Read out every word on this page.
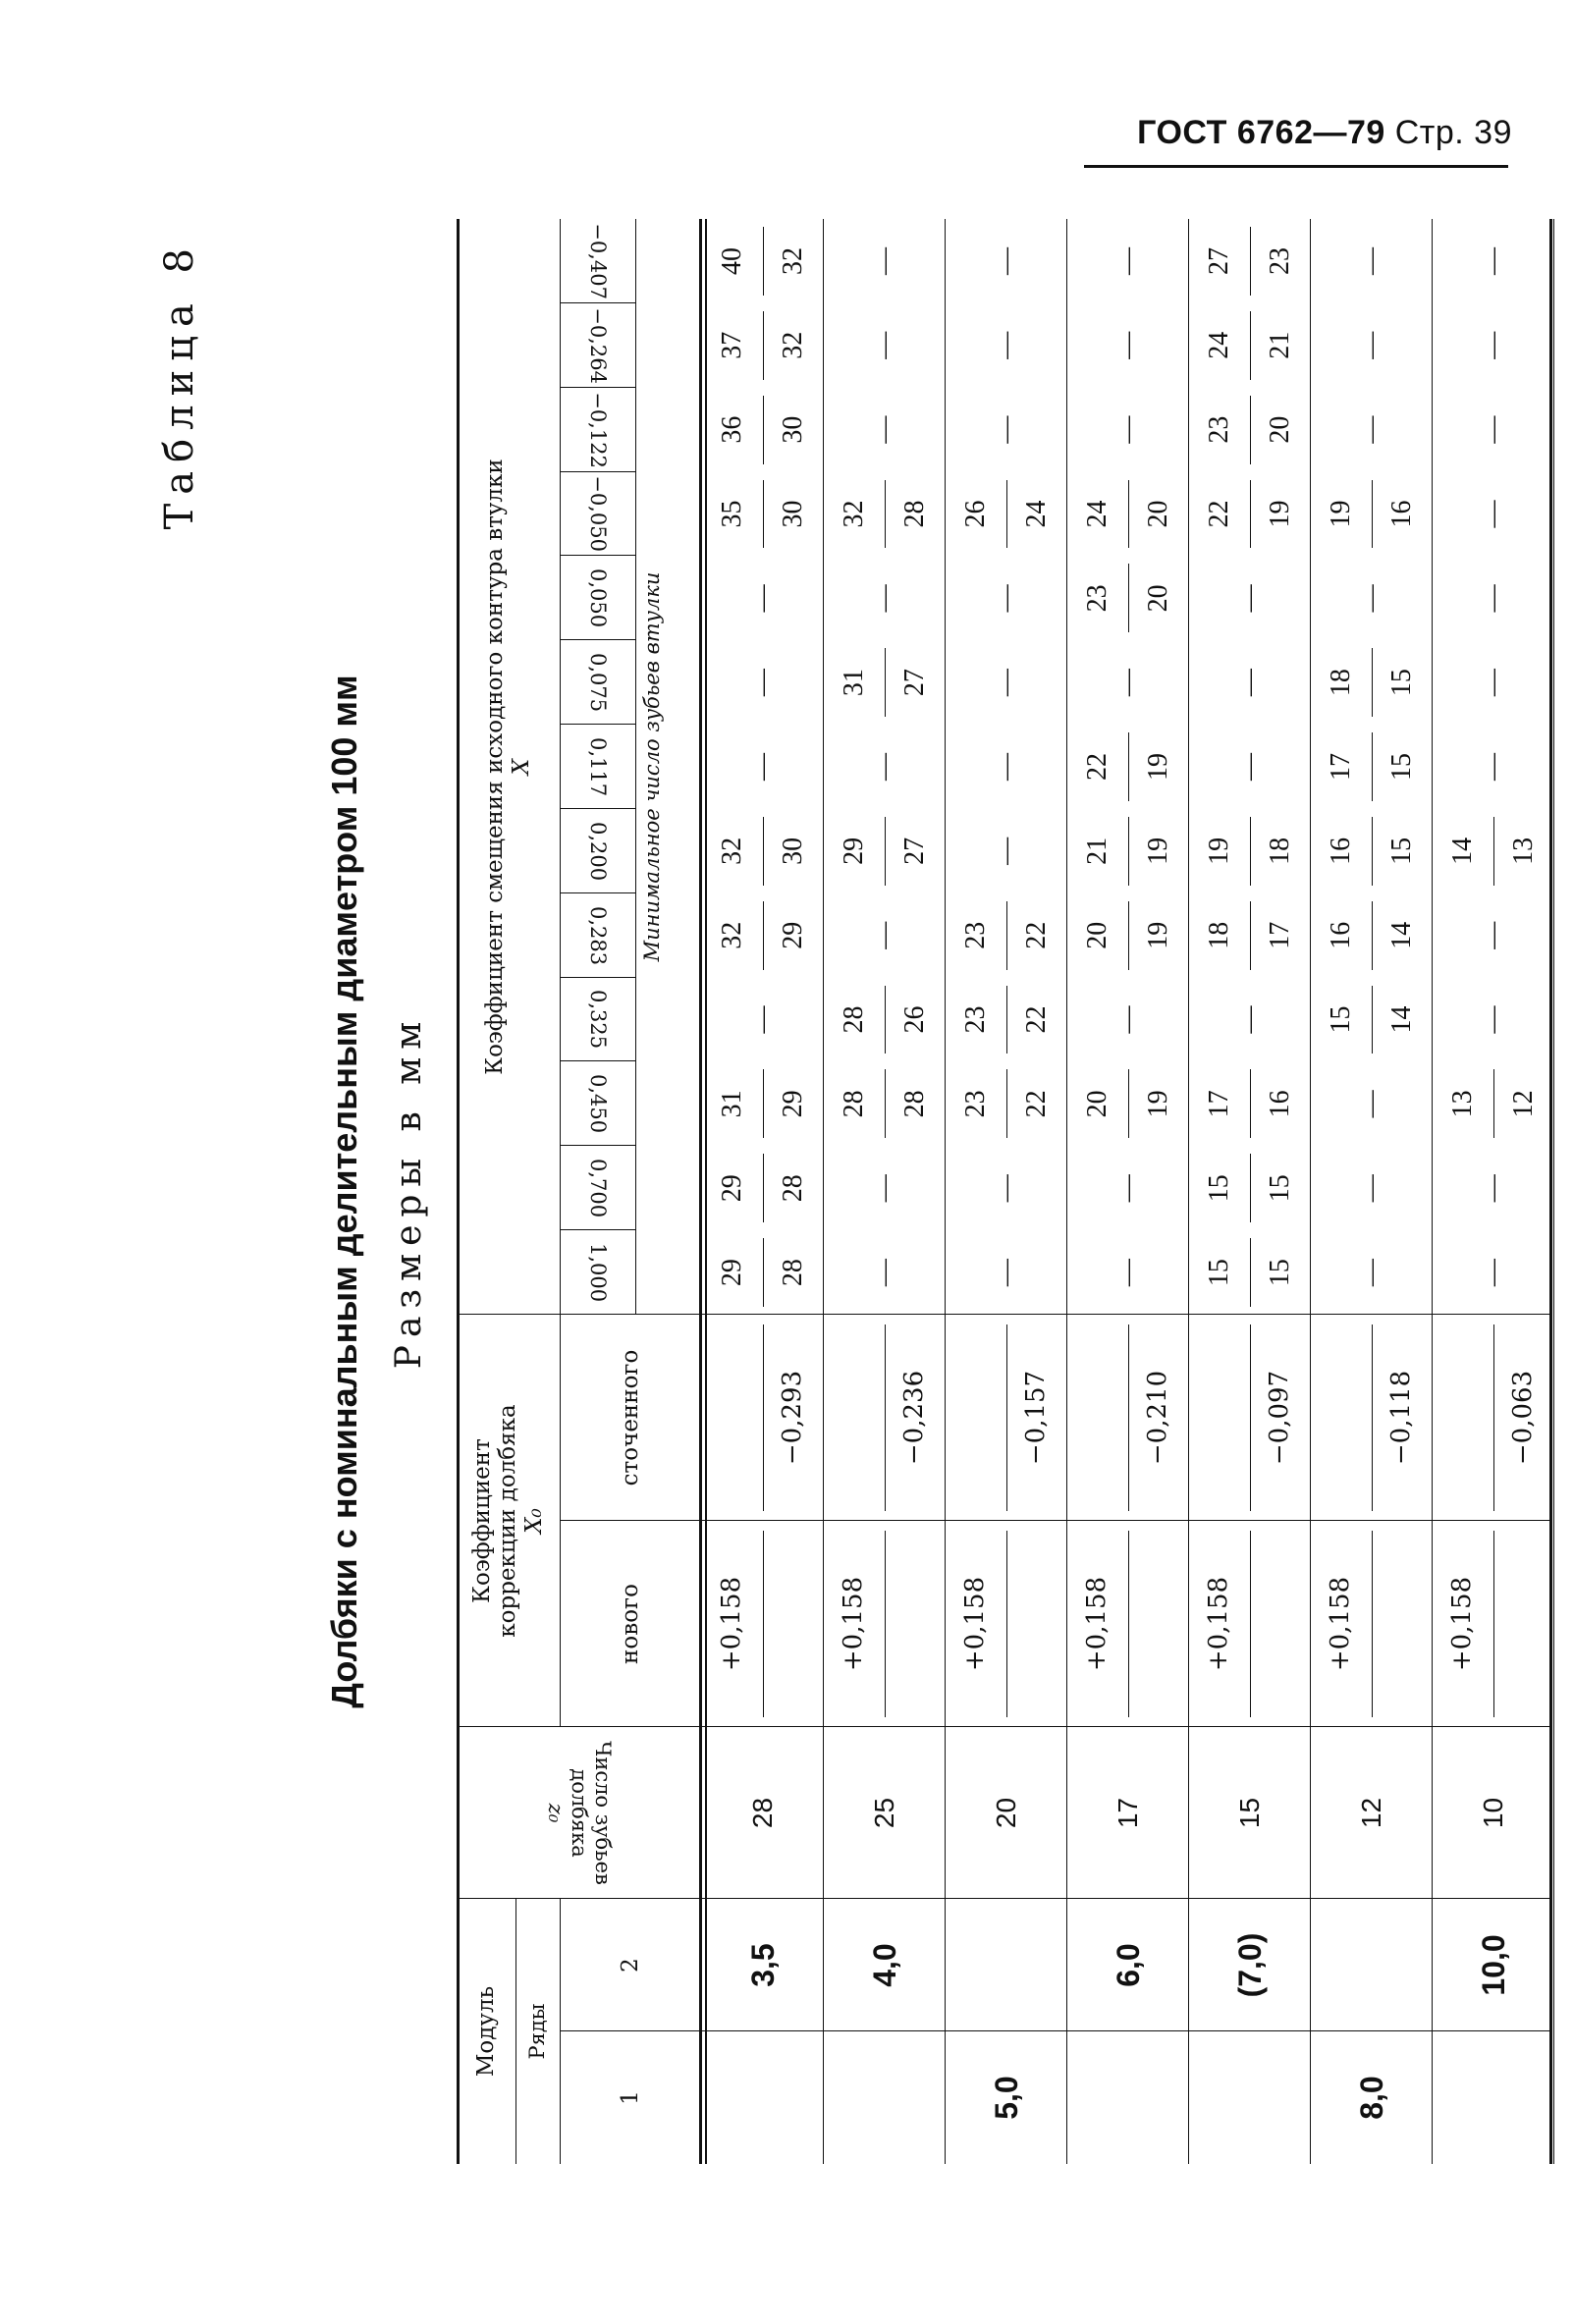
ГОСТ 6762—79 Стр. 39
Таблица 8
Долбяки с номинальным делительным диаметром 100 мм Размеры в мм
Модуль Ряды
1
2
Число зубьев долбяка
z₀
Коэффициент коррекции долбяка X₀
нового
сточенного
Коэффициент смещения исходного контура втулки X	Минимальное число зубьев втулки
1,000
0,700
0,450
0,325
0,283
0,200
0,117
0,075
0,050
−0,050
−0,122
−0,264
−0,407
3,5
28
+0,158
−0,293
29 28
29 28
31 29
—
32 29
32 30
—
—
—
35 30
36 30
37 32
40 32
4,0
25
+0,158
−0,236
—
—
28 28
28 26
—
29 27
—
31 27
—
32 28
—
—
—
5,0
20
+0,158
−0,157
—
—
23 22
23 22
23 22
—
—
—
—
26 24
—
—
—
6,0
17
+0,158
−0,210
—
—
20 19
—
20 19
21 19
22 19
—
23 20
24 20
—
—
—
(7,0)
15
+0,158
−0,097
15 15
15 15
17 16
—
18 17
19 18
—
—
—
22 19
23 20
24 21
27 23
8,0
12
+0,158
−0,118
—
—
—
15 14
16 14
16 15
17 15
18 15
—
19 16
—
—
—
10,0
10
+0,158
−0,063
—
—
13 12
—
—
14 13
—
—
—
—
—
—
—
